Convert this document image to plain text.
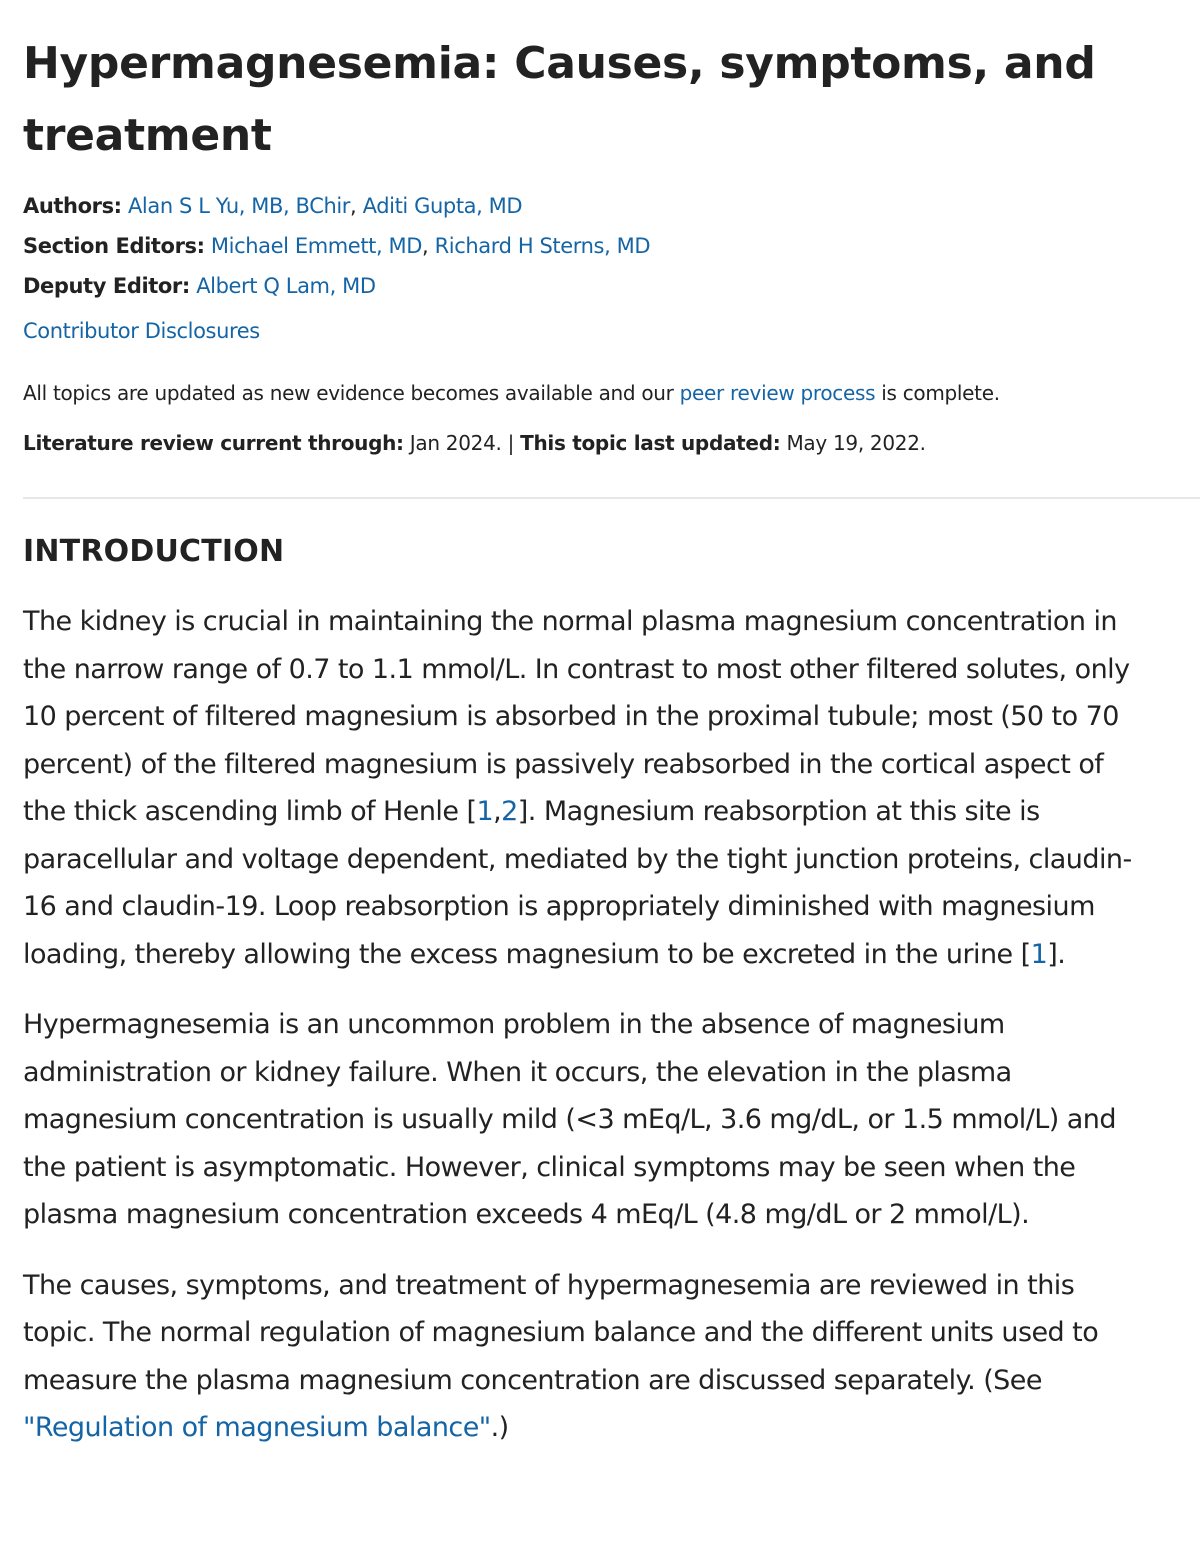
Hypermagnesemia: Causes, symptoms, and
treatment
Authors: Alan S L Yu, MB, BChir, Aditi Gupta, MD
Section Editors: Michael Emmett, MD, Richard H Sterns, MD
Deputy Editor: Albert Q Lam, MD
Contributor Disclosures
All topics are updated as new evidence becomes available and our peer review process is complete.
Literature review current through: Jan 2024. | This topic last updated: May 19, 2022.
INTRODUCTION

The kidney is crucial in maintaining the normal plasma magnesium concentration in
the narrow range of 0.7 to 1.1 mmol/L. In contrast to most other filtered solutes, only
10 percent of filtered magnesium is absorbed in the proximal tubule; most (50 to 70
percent) of the filtered magnesium is passively reabsorbed in the cortical aspect of
the thick ascending limb of Henle [1,2]. Magnesium reabsorption at this site is
paracellular and voltage dependent, mediated by the tight junction proteins, claudin-
16 and claudin-19. Loop reabsorption is appropriately diminished with magnesium
loading, thereby allowing the excess magnesium to be excreted in the urine [1].

Hypermagnesemia is an uncommon problem in the absence of magnesium
administration or kidney failure. When it occurs, the elevation in the plasma
magnesium concentration is usually mild (<3 mEq/L, 3.6 mg/dL, or 1.5 mmol/L) and
the patient is asymptomatic. However, clinical symptoms may be seen when the
plasma magnesium concentration exceeds 4 mEq/L (4.8 mg/dL or 2 mmol/L).

The causes, symptoms, and treatment of hypermagnesemia are reviewed in this
topic. The normal regulation of magnesium balance and the different units used to
measure the plasma magnesium concentration are discussed separately. (See
"Regulation of magnesium balance".)
